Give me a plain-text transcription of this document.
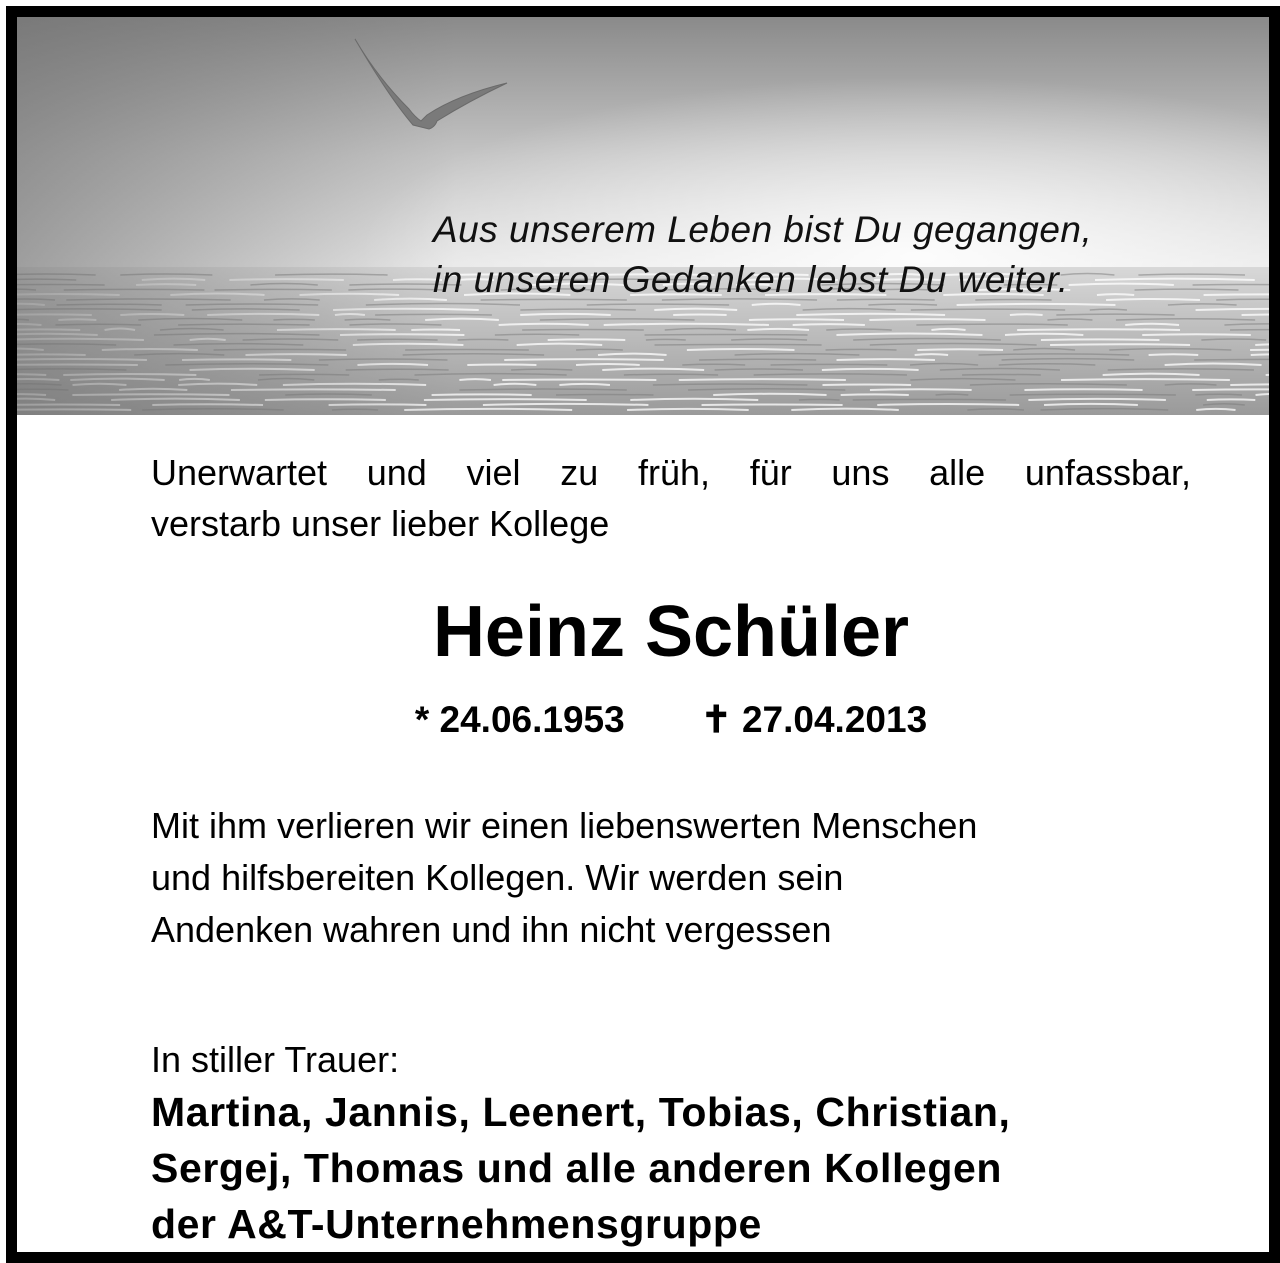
Aus unserem Leben bist Du gegangen,
in unseren Gedanken lebst Du weiter.
Unerwartet und viel zu früh, für uns alle unfassbar,
verstarb unser lieber Kollege
Heinz Schüler
* 24.06.1953 ✝ 27.04.2013
Mit ihm verlieren wir einen liebenswerten Menschen
und hilfsbereiten Kollegen. Wir werden sein
Andenken wahren und ihn nicht vergessen
In stiller Trauer:
Martina, Jannis, Leenert, Tobias, Christian,
Sergej, Thomas und alle anderen Kollegen
der A&T-Unternehmensgruppe
